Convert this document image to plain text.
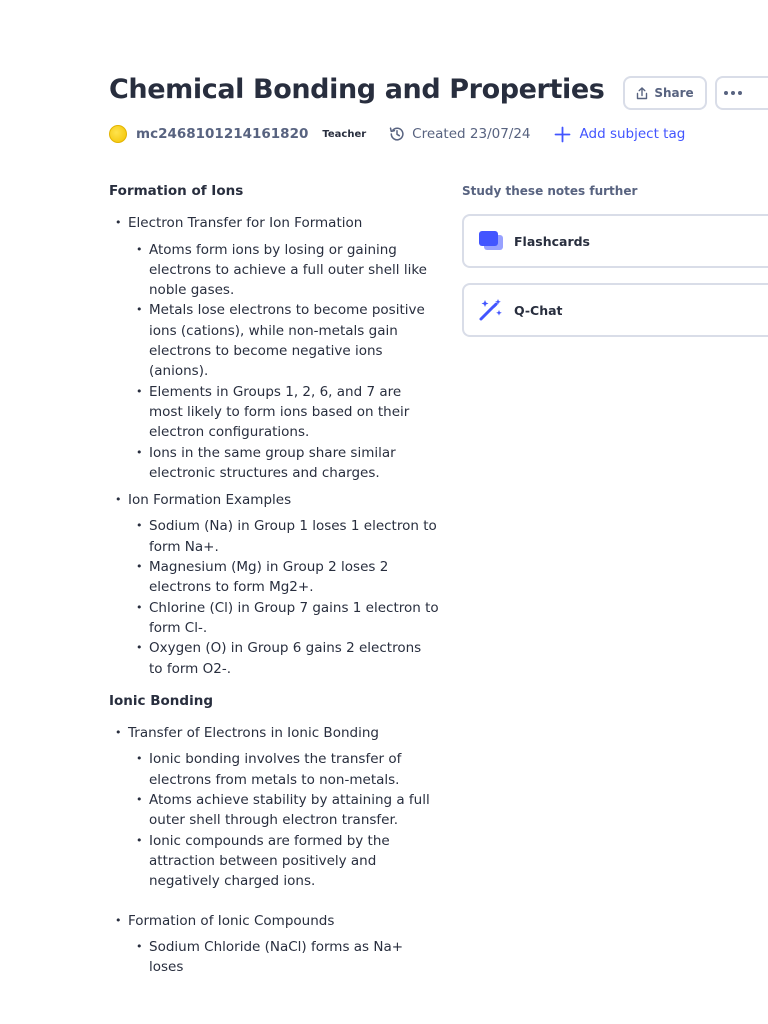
Chemical Bonding and Properties	Share
mc2468101214161820 Teacher	Created 23/07/24	Add subject tag
Formation of Ions
• Electron Transfer for Ion Formation
• Atoms form ions by losing or gaining electrons to achieve a full outer shell like noble gases.
• Metals lose electrons to become positive ions (cations), while non-metals gain electrons to become negative ions (anions).
• Elements in Groups 1, 2, 6, and 7 are most likely to form ions based on their electron configurations.
• Ions in the same group share similar electronic structures and charges.
• Ion Formation Examples
• Sodium (Na) in Group 1 loses 1 electron to form Na+.
• Magnesium (Mg) in Group 2 loses 2 electrons to form Mg2+.
• Chlorine (Cl) in Group 7 gains 1 electron to form Cl-.
• Oxygen (O) in Group 6 gains 2 electrons to form O2-.
Ionic Bonding
• Transfer of Electrons in Ionic Bonding
• Ionic bonding involves the transfer of electrons from metals to non-metals.
• Atoms achieve stability by attaining a full outer shell through electron transfer.
• Ionic compounds are formed by the attraction between positively and negatively charged ions.
• Formation of Ionic Compounds
• Sodium Chloride (NaCl) forms as Na+ loses
Study these notes further
Flashcards
Q-Chat
